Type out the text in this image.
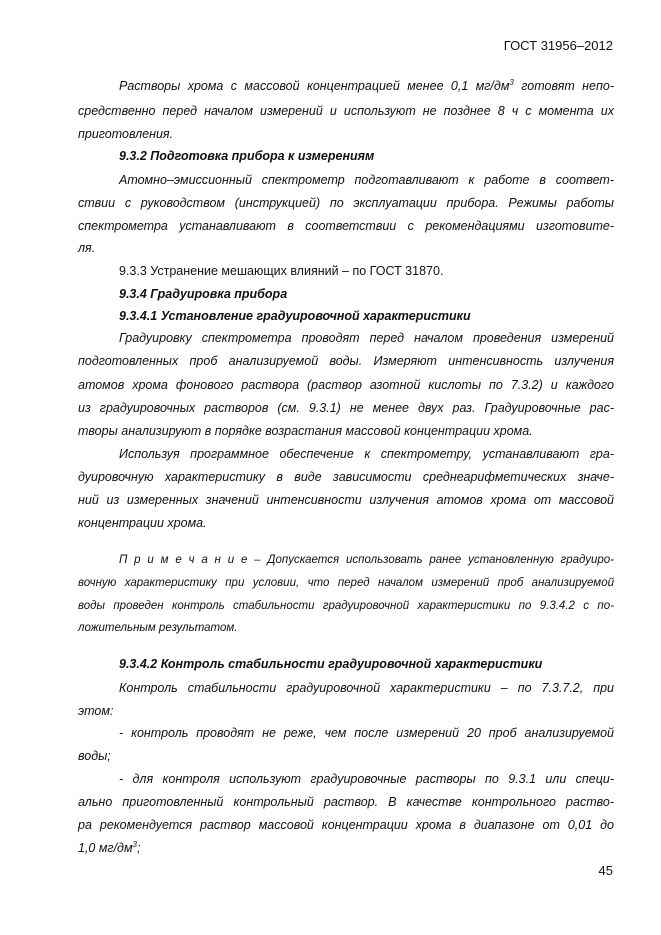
ГОСТ 31956–2012
Растворы хрома с массовой концентрацией менее 0,1 $мг/дм^3$ готовят непо-
средственно перед началом измерений и используют не позднее 8 ч с момента их
приготовления.
9.3.2 Подготовка прибора к измерениям
Атомно–эмиссионный спектрометр подготавливают к работе в соответ-
ствии с руководством (инструкцией) по эксплуатации прибора. Режимы работы
спектрометра устанавливают в соответствии с рекомендациями изготовите-
ля.
9.3.3 Устранение мешающих влияний – по ГОСТ 31870.
9.3.4 Градуировка прибора
9.3.4.1 Установление градуировочной характеристики
Градуировку спектрометра проводят перед началом проведения измерений
подготовленных проб анализируемой воды. Измеряют интенсивность излучения
атомов хрома фонового раствора (раствор азотной кислоты по 7.3.2) и каждого
из градуировочных растворов (см. 9.3.1) не менее двух раз. Градуировочные рас-
творы анализируют в порядке возрастания массовой концентрации хрома.
Используя программное обеспечение к спектрометру, устанавливают гра-
дуировочную характеристику в виде зависимости среднеарифметических значе-
ний из измеренных значений интенсивности излучения атомов хрома от массовой
концентрации хрома.
П р и м е ч а н и е – Допускается использовать ранее установленную градуиро-
вочную характеристику при условии, что перед началом измерений проб анализируемой
воды проведен контроль стабильности градуировочной характеристики по 9.3.4.2 с по-
ложительным результатом.
9.3.4.2 Контроль стабильности градуировочной характеристики
Контроль стабильности градуировочной характеристики – по 7.3.7.2, при
этом:
- контроль проводят не реже, чем после измерений 20 проб анализируемой
воды;
- для контроля используют градуировочные растворы по 9.3.1 или специ-
ально приготовленный контрольный раствор. В качестве контрольного раство-
ра рекомендуется раствор массовой концентрации хрома в диапазоне от 0,01 до
1,0 $мг/дм^3$;
45
